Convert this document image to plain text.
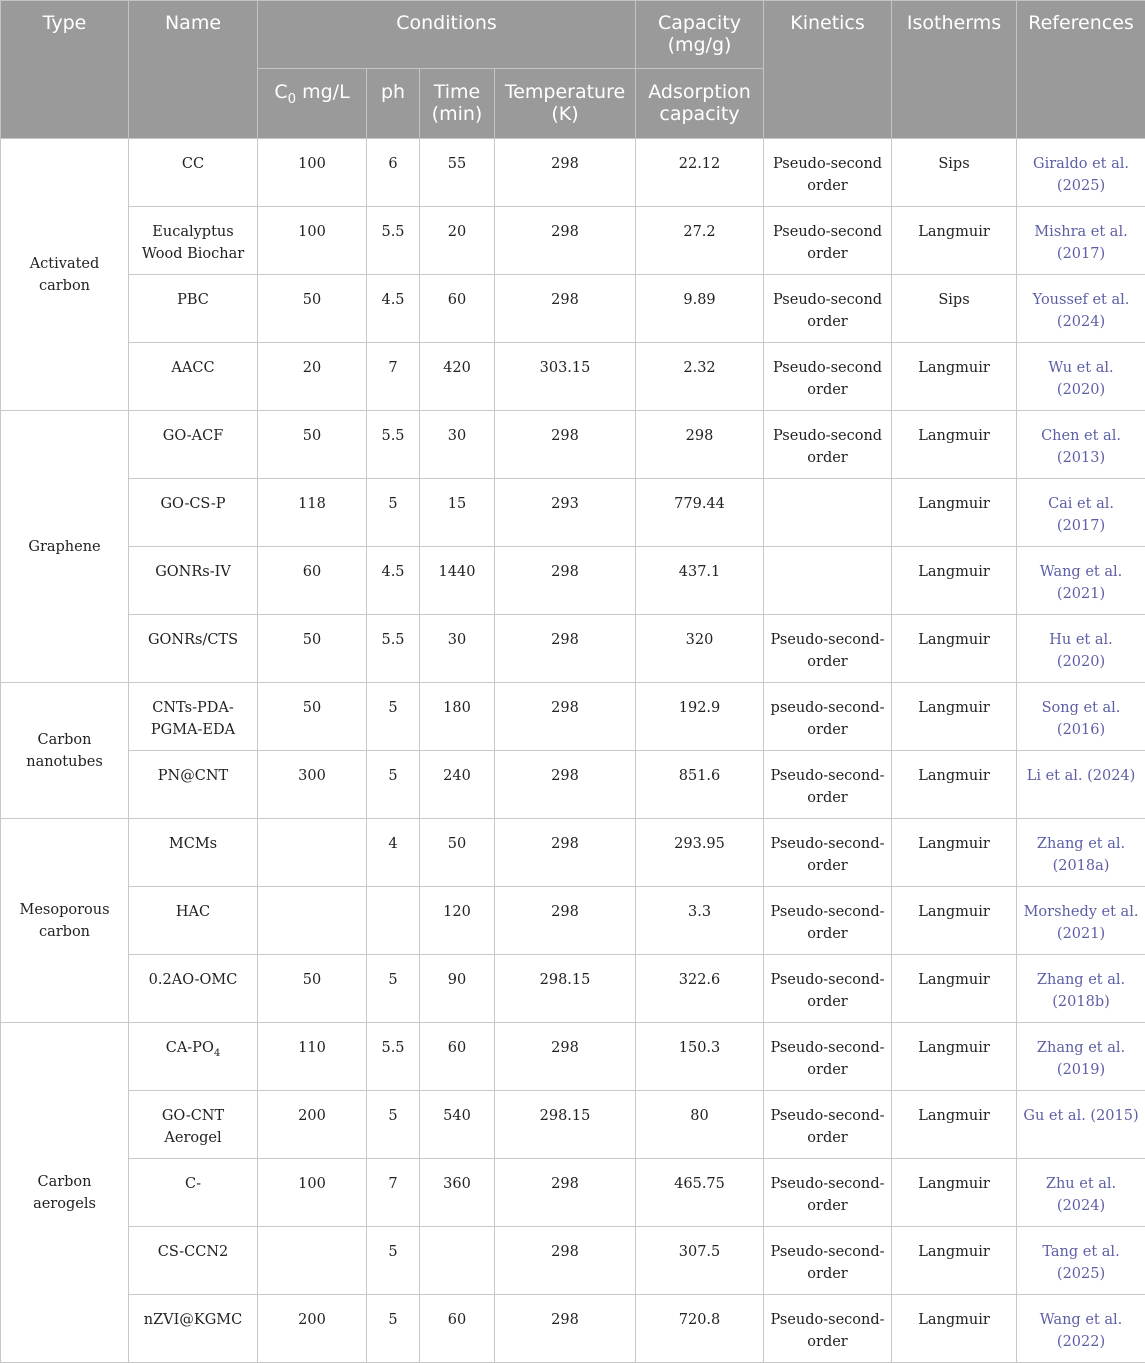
Type	Name	Conditions				Capacity (mg/g)	Kinetics	Isotherms	References
		$C_0$ mg/L	ph	Time (min)	Temperature (K)	Adsorption capacity			
Activated carbon	CC	100	6	55	298	22.12	Pseudo-second order	Sips	Giraldo et al. (2025)
	Eucalyptus Wood Biochar	100	5.5	20	298	27.2	Pseudo-second order	Langmuir	Mishra et al. (2017)
	PBC	50	4.5	60	298	9.89	Pseudo-second order	Sips	Youssef et al. (2024)
	AACC	20	7	420	303.15	2.32	Pseudo-second order	Langmuir	Wu et al. (2020)
Graphene	GO-ACF	50	5.5	30	298	298	Pseudo-second order	Langmuir	Chen et al. (2013)
	GO-CS-P	118	5	15	293	779.44		Langmuir	Cai et al. (2017)
	GONRs-IV	60	4.5	1440	298	437.1		Langmuir	Wang et al. (2021)
	GONRs/CTS	50	5.5	30	298	320	Pseudo-second-order	Langmuir	Hu et al. (2020)
Carbon nanotubes	CNTs-PDA-PGMA-EDA	50	5	180	298	192.9	pseudo-second-order	Langmuir	Song et al. (2016)
	PN@CNT	300	5	240	298	851.6	Pseudo-second-order	Langmuir	Li et al. (2024)
Mesoporous carbon	MCMs		4	50	298	293.95	Pseudo-second-order	Langmuir	Zhang et al. (2018a)
	HAC			120	298	3.3	Pseudo-second-order	Langmuir	Morshedy et al. (2021)
	0.2AO-OMC	50	5	90	298.15	322.6	Pseudo-second-order	Langmuir	Zhang et al. (2018b)
Carbon aerogels	$CA-PO_4$	110	5.5	60	298	150.3	Pseudo-second-order	Langmuir	Zhang et al. (2019)
	GO-CNT Aerogel	200	5	540	298.15	80	Pseudo-second-order	Langmuir	Gu et al. (2015)
	C-	100	7	360	298	465.75	Pseudo-second-order	Langmuir	Zhu et al. (2024)
	CS-CCN2		5		298	307.5	Pseudo-second-order	Langmuir	Tang et al. (2025)
	nZVI@KGMC	200	5	60	298	720.8	Pseudo-second-order	Langmuir	Wang et al. (2022)
